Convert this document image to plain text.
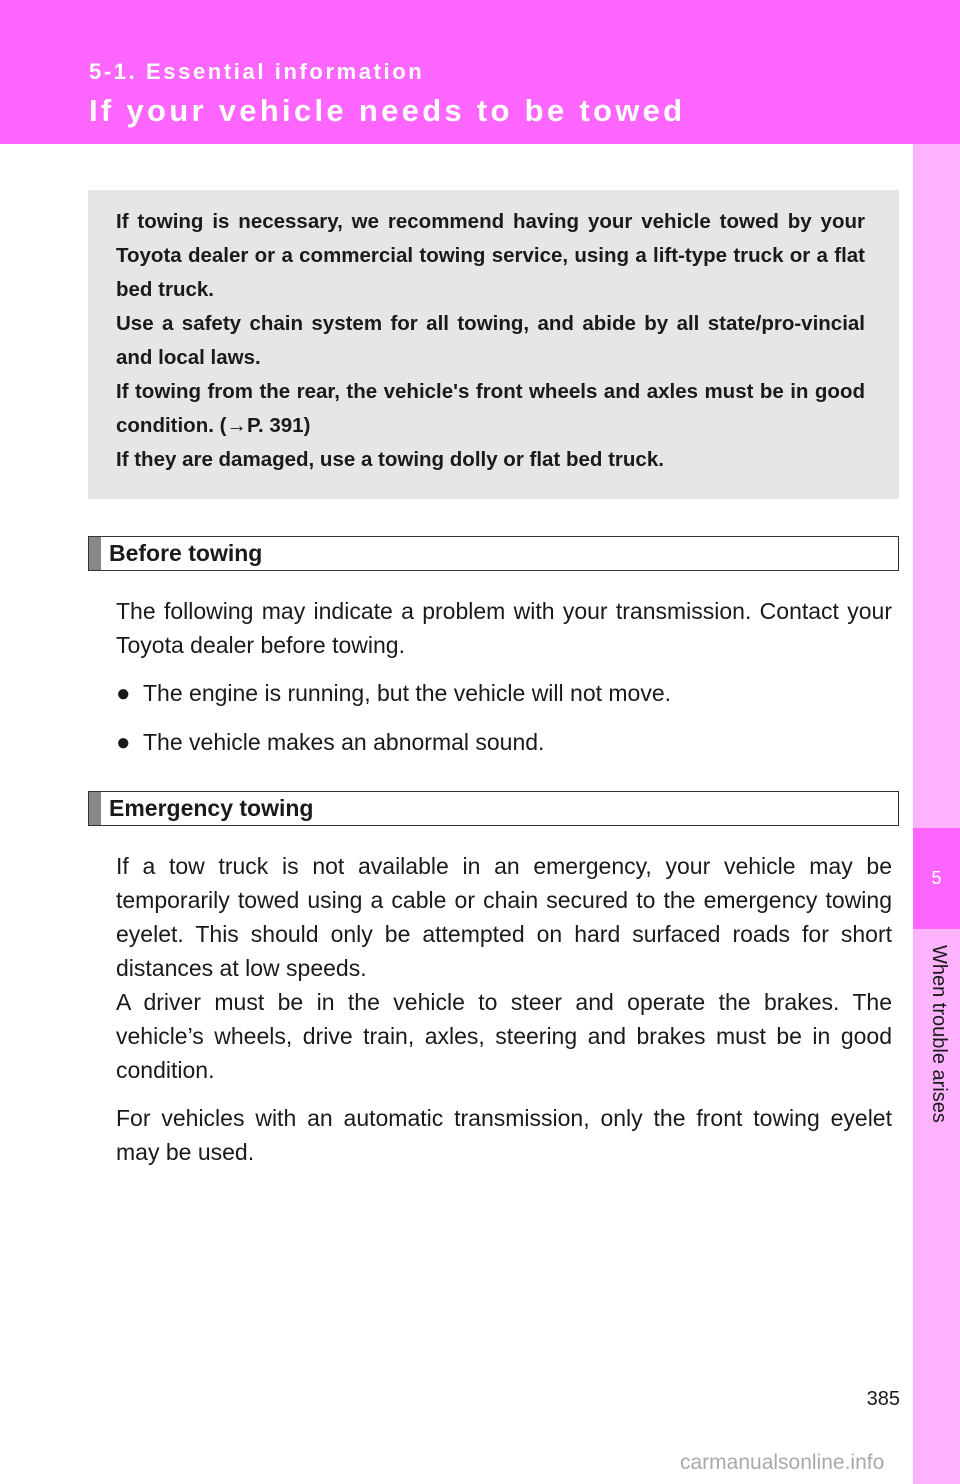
5-1. Essential information
If your vehicle needs to be towed
5
When trouble arises

If towing is necessary, we recommend having your vehicle towed by your Toyota dealer or a commercial towing service, using a lift-type truck or a flat bed truck.

Use a safety chain system for all towing, and abide by all state/pro-vincial and local laws.

If towing from the rear, the vehicle's front wheels and axles must be in good condition. (→P. 391)

If they are damaged, use a towing dolly or flat bed truck.

Before towing

The following may indicate a problem with your transmission. Contact your Toyota dealer before towing.

● The engine is running, but the vehicle will not move.
● The vehicle makes an abnormal sound.
Emergency towing

If a tow truck is not available in an emergency, your vehicle may be temporarily towed using a cable or chain secured to the emergency towing eyelet. This should only be attempted on hard surfaced roads for short distances at low speeds.

A driver must be in the vehicle to steer and operate the brakes. The vehicle’s wheels, drive train, axles, steering and brakes must be in good condition.

For vehicles with an automatic transmission, only the front towing eyelet may be used.

385
carmanualsonline.info
